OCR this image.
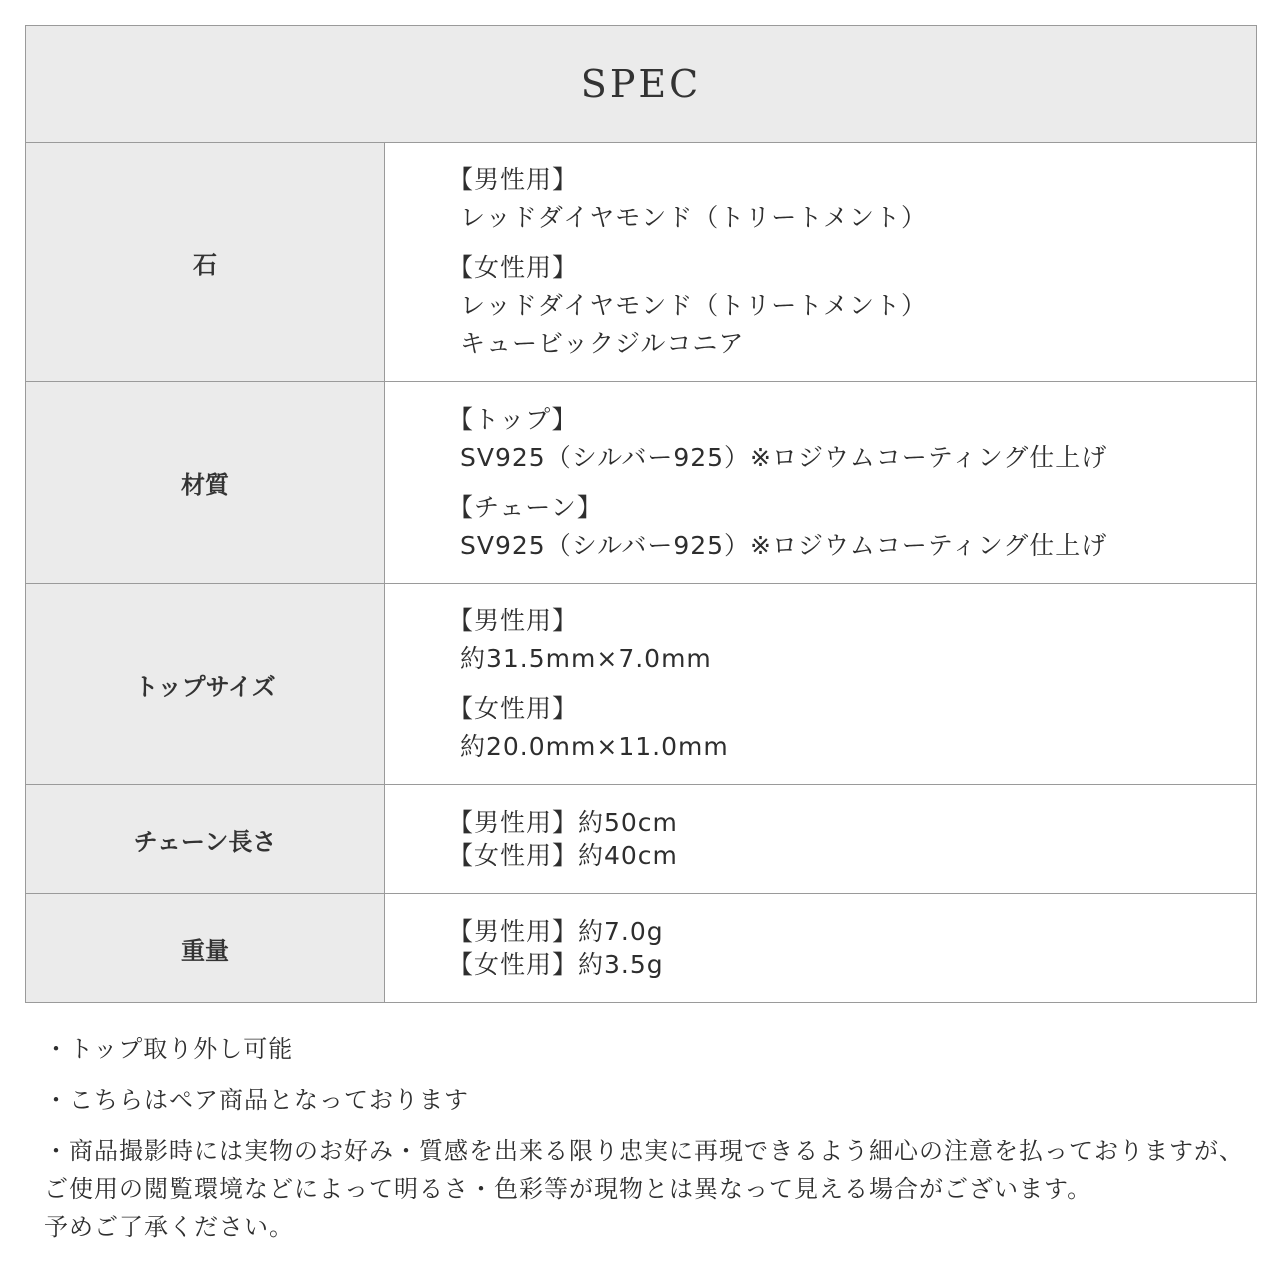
SPEC
石
【男性用】
レッドダイヤモンド（トリートメント）
【女性用】
レッドダイヤモンド（トリートメント）
キュービックジルコニア
材質
【トップ】
SV925（シルバー925）※ロジウムコーティング仕上げ
【チェーン】
SV925（シルバー925）※ロジウムコーティング仕上げ
トップサイズ
【男性用】
約31.5mm×7.0mm
【女性用】
約20.0mm×11.0mm
チェーン長さ
【男性用】約50cm
【女性用】約40cm
重量
【男性用】約7.0g
【女性用】約3.5g
・トップ取り外し可能
・こちらはペア商品となっております
・商品撮影時には実物のお好み・質感を出来る限り忠実に再現できるよう細心の注意を払っておりますが、
ご使用の閲覧環境などによって明るさ・色彩等が現物とは異なって見える場合がございます。
予めご了承ください。
